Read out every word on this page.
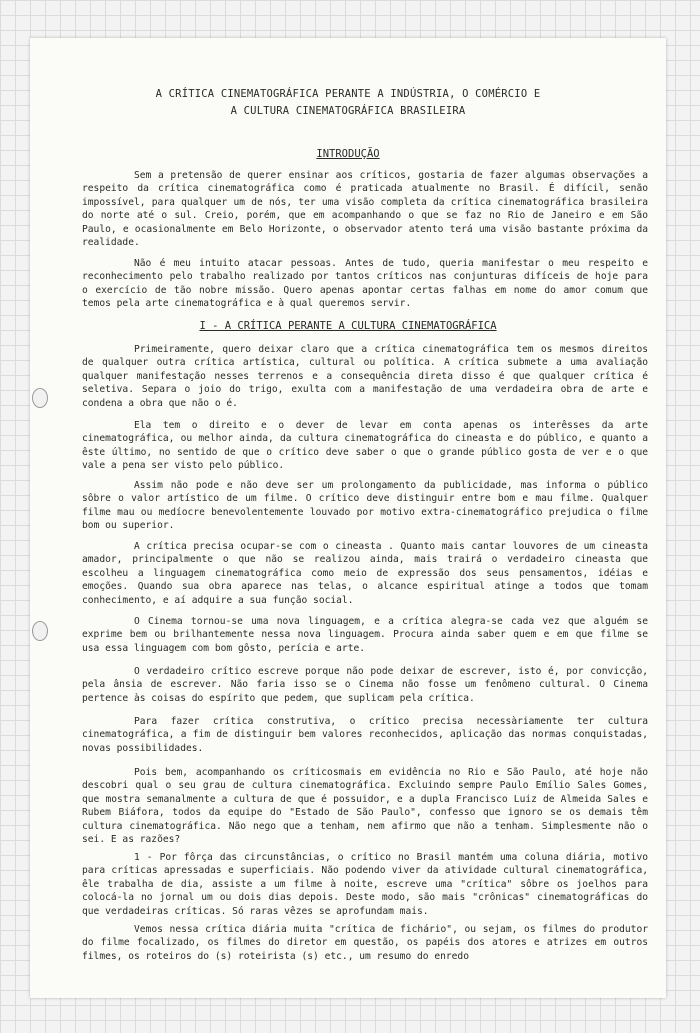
A CRÍTICA CINEMATOGRÁFICA PERANTE A INDÚSTRIA, O COMÉRCIO E
A CULTURA CINEMATOGRÁFICA BRASILEIRA
INTRODUÇÃO
Sem a pretensão de querer ensinar aos críticos, gostaria de fazer algumas observações a respeito da crítica cinematográfica como é praticada atualmente no Brasil. É difícil, senão impossível, para qualquer um de nós, ter uma visão completa da crítica cinematográfica brasileira do norte até o sul. Creio, porém, que em acompanhando o que se faz no Rio de Janeiro e em São Paulo, e ocasionalmente em Belo Horizonte, o observador atento terá uma visão bastante próxima da realidade.
Não é meu intuito atacar pessoas. Antes de tudo, queria manifestar o meu respeito e reconhecimento pelo trabalho realizado por tantos críticos nas conjunturas difíceis de hoje para o exercício de tão nobre missão. Quero apenas apontar certas falhas em nome do amor comum que temos pela arte cinematográfica e à qual queremos servir.
I - A CRÍTICA PERANTE A CULTURA CINEMATOGRÁFICA
Primeiramente, quero deixar claro que a crítica cinematográfica tem os mesmos direitos de qualquer outra crítica artística, cultural ou política. A crítica submete a uma avaliação qualquer manifestação nesses terrenos e a consequência direta disso é que qualquer crítica é seletiva. Separa o joio do trigo, exulta com a manifestação de uma verdadeira obra de arte e condena a obra que não o é.
Ela tem o direito e o dever de levar em conta apenas os interêsses da arte cinematográfica, ou melhor ainda, da cultura cinematográfica do cineasta e do público, e quanto a êste último, no sentido de que o crítico deve saber o que o grande público gosta de ver e o que vale a pena ser visto pelo público.
Assim não pode e não deve ser um prolongamento da publicidade, mas informa o público sôbre o valor artístico de um filme. O crítico deve distinguir entre bom e mau filme. Qualquer filme mau ou medíocre benevolentemente louvado por motivo extra-cinematográfico prejudica o filme bom ou superior.
A crítica precisa ocupar-se com o cineasta . Quanto mais cantar louvores de um cineasta amador, principalmente o que não se realizou ainda, mais trairá o verdadeiro cineasta que escolheu a linguagem cinematográfica como meio de expressão dos seus pensamentos, idéias e emoções. Quando sua obra aparece nas telas, o alcance espiritual atinge a todos que tomam conhecimento, e aí adquire a sua função social.
O Cinema tornou-se uma nova linguagem, e a crítica alegra-se cada vez que alguém se exprime bem ou brilhantemente nessa nova linguagem. Procura ainda saber quem e em que filme se usa essa linguagem com bom gôsto, perícia e arte.
O verdadeiro crítico escreve porque não pode deixar de escrever, isto é, por convicção, pela ânsia de escrever. Não faria isso se o Cinema não fosse um fenômeno cultural. O Cinema pertence às coisas do espírito que pedem, que suplicam pela crítica.
Para fazer crítica construtiva, o crítico precisa necessàriamente ter cultura cinematográfica, a fim de distinguir bem valores reconhecidos, aplicação das normas conquistadas, novas possibilidades.
Pois bem, acompanhando os críticosmais em evidência no Rio e São Paulo, até hoje não descobri qual o seu grau de cultura cinematográfica. Excluindo sempre Paulo Emílio Sales Gomes, que mostra semanalmente a cultura de que é possuidor, e a dupla Francisco Luiz de Almeida Sales e Rubem Biáfora, todos da equipe do "Estado de São Paulo", confesso que ignoro se os demais têm cultura cinematográfica. Não nego que a tenham, nem afirmo que não a tenham. Simplesmente não o sei. E as razões?
1 - Por fôrça das circunstâncias, o crítico no Brasil mantém uma coluna diária, motivo para críticas apressadas e superficiais. Não podendo viver da atividade cultural cinematográfica, êle trabalha de dia, assiste a um filme à noite, escreve uma "crítica" sôbre os joelhos para colocá-la no jornal um ou dois dias depois. Deste modo, são mais "crônicas" cinematográficas do que verdadeiras críticas. Só raras vêzes se aprofundam mais.
Vemos nessa crítica diária muita "crítica de fichário", ou sejam, os filmes do produtor do filme focalizado, os filmes do diretor em questão, os papéis dos atores e atrizes em outros filmes, os roteiros do (s) roteirista (s) etc., um resumo do enredo
